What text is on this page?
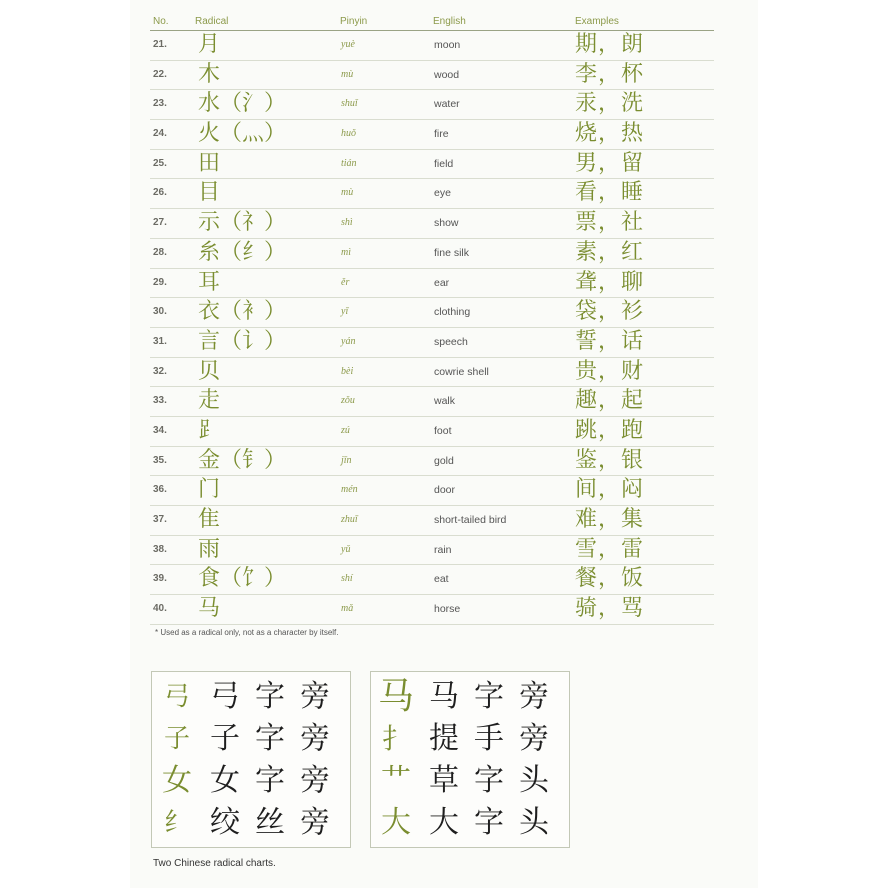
No.	Radical	Pinyin	English	Examples
21. 月	yuè	moon	期，朗
22. 木	mù	wood	李，杯
23. 水（氵）	shuǐ	water	汞，洗
24. 火（灬）	huǒ	fire	烧，热
25. 田	tián	field	男，留
26. 目	mù	eye	看，睡
27. 示（礻）	shì	show	票，社
28. 糸（纟）	mì	fine silk	素，红
29. 耳	ěr	ear	聋，聊
30. 衣（衤）	yī	clothing	袋，衫
31. 言（讠）	yán	speech	誓，话
32. 贝	bèi	cowrie shell	贵，财
33. 走	zǒu	walk	趣，起
34. ⻊	zú	foot	跳，跑
35. 金（钅）	jīn	gold	鉴，银
36. 门	mén	door	间，闷
37. 隹	zhuī	short-tailed bird	难，集
38. 雨	yǔ	rain	雪，雷
39. 食（饣）	shí	eat	餐，饭
40. 马	mǎ	horse	骑，骂
* Used as a radical only, not as a character by itself.
弓 弓 字 旁
子 子 字 旁
女 女 字 旁
纟 绞 丝 旁
马 马 字 旁
扌 提 手 旁
艹 草 字 头
大 大 字 头
Two Chinese radical charts.
